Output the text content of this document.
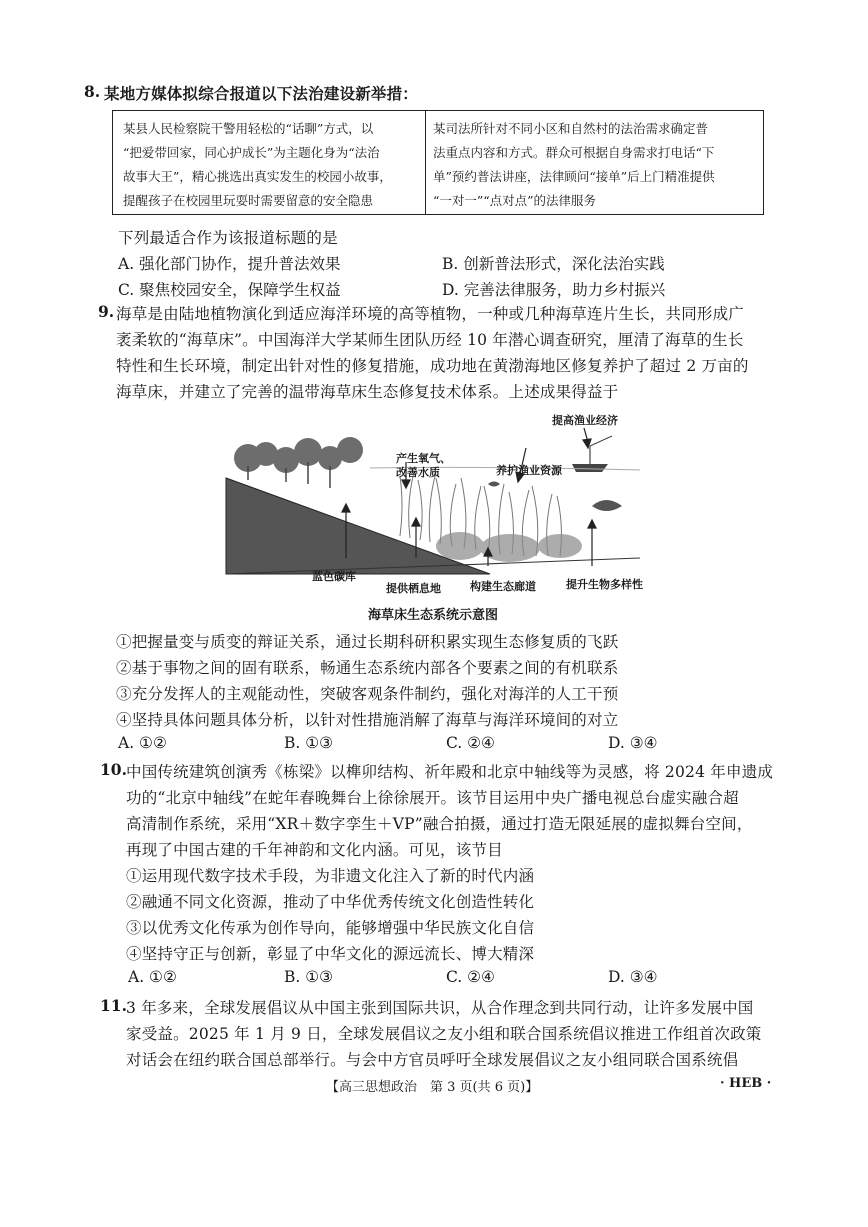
8. 某地方媒体拟综合报道以下法治建设新举措：
某县人民检察院干警用轻松的“话聊”方式，以
“把爱带回家，同心护成长”为主题化身为“法治
故事大王”，精心挑选出真实发生的校园小故事，
提醒孩子在校园里玩耍时需要留意的安全隐患
某司法所针对不同小区和自然村的法治需求确定普
法重点内容和方式。群众可根据自身需求打电话“下
单”预约普法讲座，法律顾问“接单”后上门精准提供
“一对一”“点对点”的法律服务
下列最适合作为该报道标题的是
A. 强化部门协作，提升普法效果	B. 创新普法形式，深化法治实践
C. 聚焦校园安全，保障学生权益	D. 完善法律服务，助力乡村振兴
9. 海草是由陆地植物演化到适应海洋环境的高等植物，一种或几种海草连片生长，共同形成广
袤柔软的“海草床”。中国海洋大学某师生团队历经 10 年潜心调查研究，厘清了海草的生长
特性和生长环境，制定出针对性的修复措施，成功地在黄渤海地区修复养护了超过 2 万亩的
海草床，并建立了完善的温带海草床生态修复技术体系。上述成果得益于
产生氧气、
改善水质	养护渔业资源
提高渔业经济
蓝色碳库
提供栖息地	构建生态廊道	提升生物多样性
海草床生态系统示意图
①把握量变与质变的辩证关系，通过长期科研积累实现生态修复质的飞跃
②基于事物之间的固有联系，畅通生态系统内部各个要素之间的有机联系
③充分发挥人的主观能动性，突破客观条件制约，强化对海洋的人工干预
④坚持具体问题具体分析，以针对性措施消解了海草与海洋环境间的对立
A. ①②	B. ①③	C. ②④	D. ③④
10. 中国传统建筑创演秀《栋梁》以榫卯结构、祈年殿和北京中轴线等为灵感，将 2024 年申遗成
功的“北京中轴线”在蛇年春晚舞台上徐徐展开。该节目运用中央广播电视总台虚实融合超
高清制作系统，采用“XR＋数字孪生＋VP”融合拍摄，通过打造无限延展的虚拟舞台空间，
再现了中国古建的千年神韵和文化内涵。可见，该节目
①运用现代数字技术手段，为非遗文化注入了新的时代内涵
②融通不同文化资源，推动了中华优秀传统文化创造性转化
③以优秀文化传承为创作导向，能够增强中华民族文化自信
④坚持守正与创新，彰显了中华文化的源远流长、博大精深
A. ①②	B. ①③	C. ②④	D. ③④
11. 3 年多来，全球发展倡议从中国主张到国际共识，从合作理念到共同行动，让许多发展中国
家受益。2025 年 1 月 9 日，全球发展倡议之友小组和联合国系统倡议推进工作组首次政策
对话会在纽约联合国总部举行。与会中方官员呼吁全球发展倡议之友小组同联合国系统倡
【高三思想政治　第 3 页(共 6 页)】	· HEB ·
